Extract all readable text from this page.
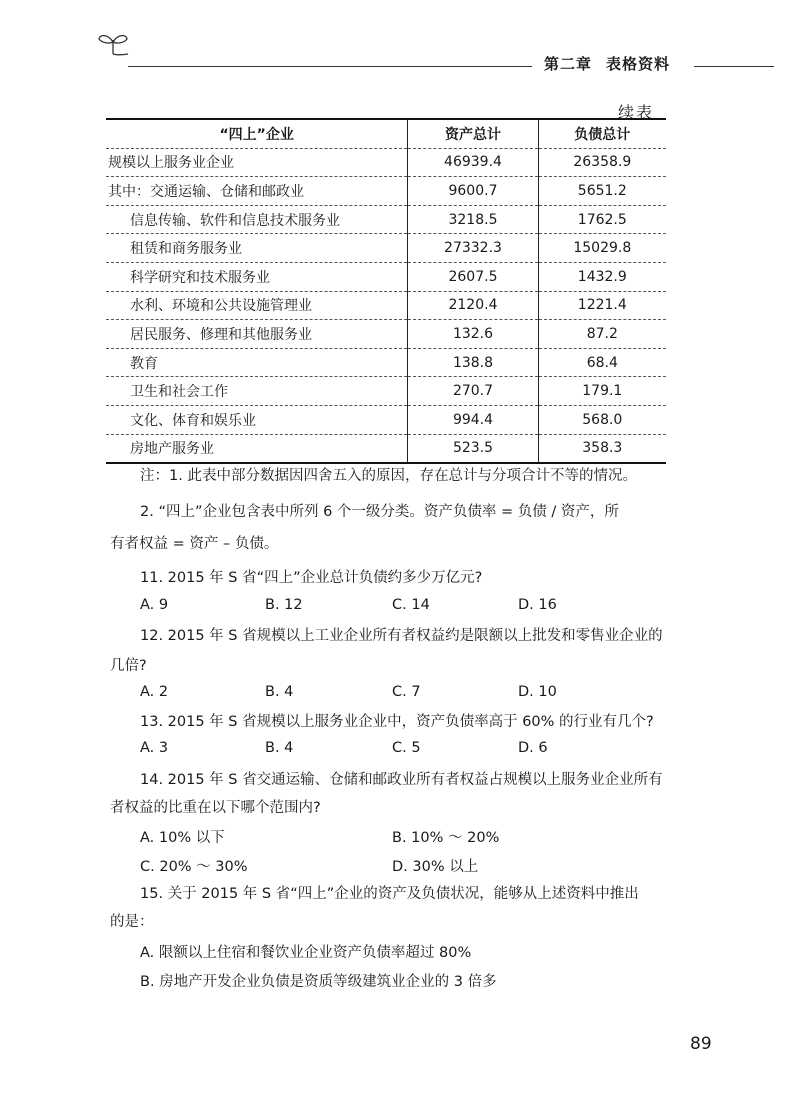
第二章 表格资料
续表
“四上”企业	资产总计	负债总计
规模以上服务业企业	46939.4	26358.9
其中：交通运输、仓储和邮政业	9600.7	5651.2
信息传输、软件和信息技术服务业	3218.5	1762.5
租赁和商务服务业	27332.3	15029.8
科学研究和技术服务业	2607.5	1432.9
水利、环境和公共设施管理业	2120.4	1221.4
居民服务、修理和其他服务业	132.6	87.2
教育	138.8	68.4
卫生和社会工作	270.7	179.1
文化、体育和娱乐业	994.4	568.0
房地产服务业	523.5	358.3
注：1. 此表中部分数据因四舍五入的原因，存在总计与分项合计不等的情况。
2. “四上”企业包含表中所列 6 个一级分类。资产负债率 = 负债 / 资产，所
有者权益 = 资产 – 负债。
11. 2015 年 S 省“四上”企业总计负债约多少万亿元?
A. 9	B. 12	C. 14	D. 16
12. 2015 年 S 省规模以上工业企业所有者权益约是限额以上批发和零售业企业的
几倍?
A. 2	B. 4	C. 7	D. 10
13. 2015 年 S 省规模以上服务业企业中，资产负债率高于 60% 的行业有几个?
A. 3	B. 4	C. 5	D. 6
14. 2015 年 S 省交通运输、仓储和邮政业所有者权益占规模以上服务业企业所有
者权益的比重在以下哪个范围内?
A. 10% 以下	B. 10% ～ 20%
C. 20% ～ 30%	D. 30% 以上
15. 关于 2015 年 S 省“四上”企业的资产及负债状况，能够从上述资料中推出
的是：
A. 限额以上住宿和餐饮业企业资产负债率超过 80%
B. 房地产开发企业负债是资质等级建筑业企业的 3 倍多
89
